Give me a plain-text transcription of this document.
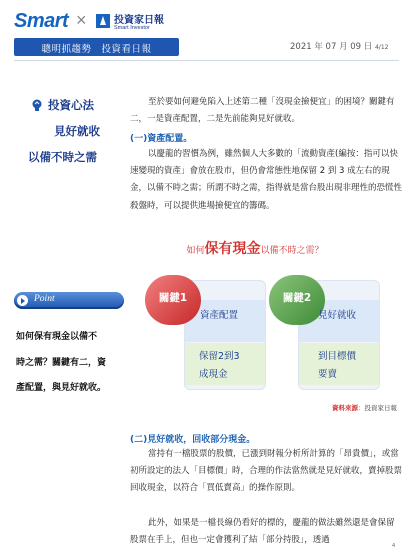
Smart ×	投資家日報
Smart Investor
聰明抓趨勢　投資看日報	2021 年 07 月 09 日 4/12
投資心法
見好就收
以備不時之需
Point
如何保有現金以備不
時之需？關鍵有二，資
產配置，與見好就收。
至於要如何避免陷入上述第二種「沒現金撿便宜」的困境？關鍵有二，一是資產配置，二是先前能夠見好就收。
(一)資產配置。
以慶龍的習慣為例，雖然個人大多數的「流動資產(編按：指可以快速變現的資產」會放在股市，但仍會常態性地保留 2 到 3 成左右的現金，以備不時之需；所謂不時之需，指得就是當台股出現非理性的恐慌性殺盤時，可以提供進場撿便宜的籌碼。
如何保有現金以備不時之需？
關鍵1	關鍵2
資產配置
保留2到3
成現金
見好就收
到目標價
要賣
資料來源：投資家日報
(二)見好就收，回收部分現金。
當持有一檔股票的股價，已漲到財報分析所計算的「昂貴價」，或當初所設定的法人「目標價」時，合理的作法當然就是見好就收，賣掉股票回收現金，以符合「買低賣高」的操作原則。
此外，如果是一檔長線仍看好的標的，慶龍的做法雖然還是會保留股票在手上，但也一定會獲利了結「部分持股」，透過
4
